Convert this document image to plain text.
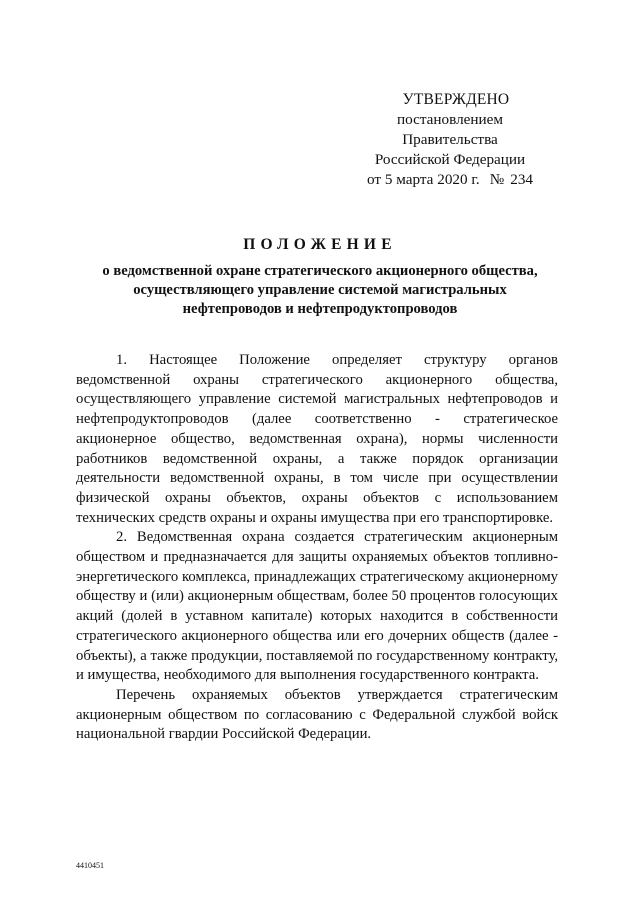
УТВЕРЖДЕНО
постановлением Правительства
Российской Федерации
от 5 марта 2020 г. № 234
ПОЛОЖЕНИЕ
о ведомственной охране стратегического акционерного общества,
осуществляющего управление системой магистральных
нефтепроводов и нефтепродуктопроводов

1. Настоящее Положение определяет структуру органов ведомственной охраны стратегического акционерного общества, осуществляющего управление системой магистральных нефтепроводов и нефтепродуктопроводов (далее соответственно - стратегическое акционерное общество, ведомственная охрана), нормы численности работников ведомственной охраны, а также порядок организации деятельности ведомственной охраны, в том числе при осуществлении физической охраны объектов, охраны объектов с использованием технических средств охраны и охраны имущества при его транспортировке.

2. Ведомственная охрана создается стратегическим акционерным обществом и предназначается для защиты охраняемых объектов топливно-энергетического комплекса, принадлежащих стратегическому акционерному обществу и (или) акционерным обществам, более 50 процентов голосующих акций (долей в уставном капитале) которых находится в собственности стратегического акционерного общества или его дочерних обществ (далее - объекты), а также продукции, поставляемой по государственному контракту, и имущества, необходимого для выполнения государственного контракта.

Перечень охраняемых объектов утверждается стратегическим акционерным обществом по согласованию с Федеральной службой войск национальной гвардии Российской Федерации.

4410451
